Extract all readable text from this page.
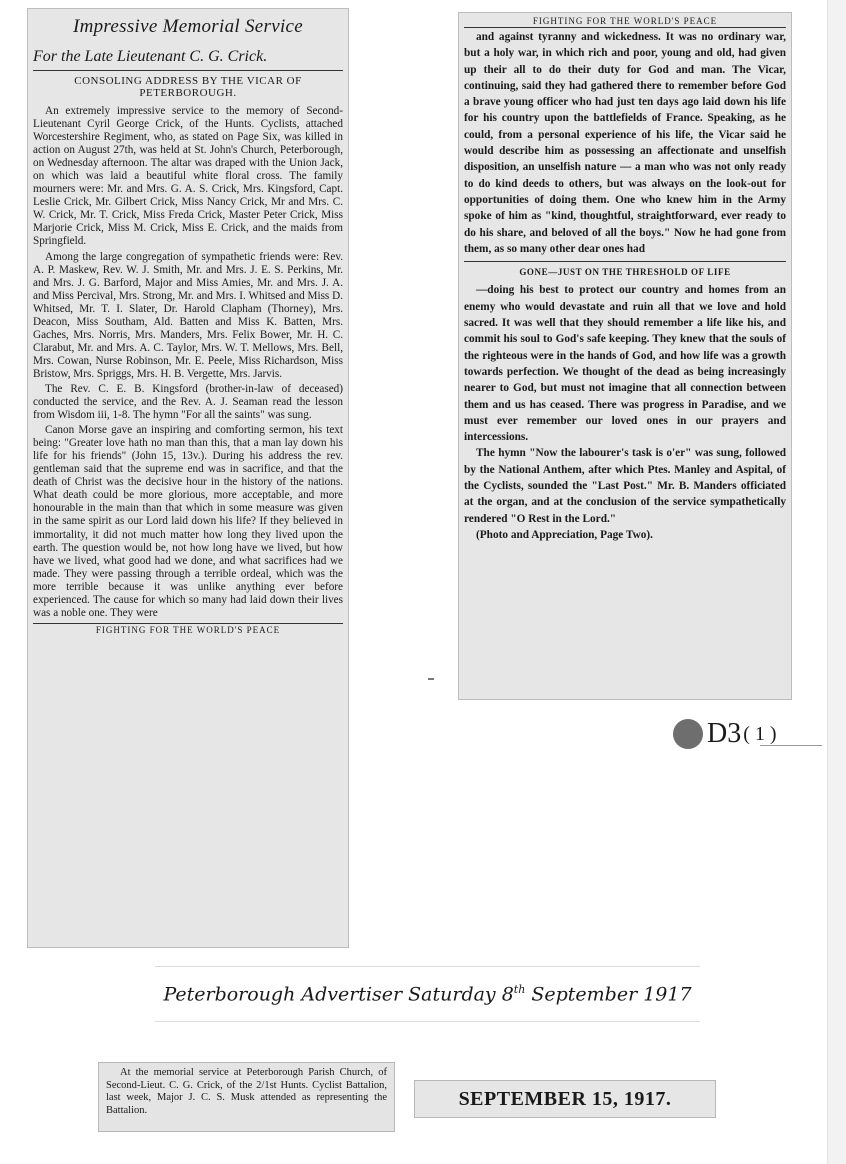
Impressive Memorial Service
For the Late Lieutenant C. G. Crick.
CONSOLING ADDRESS BY THE VICAR OF PETERBOROUGH.

An extremely impressive service to the memory of Second-Lieutenant Cyril George Crick, of the Hunts. Cyclists, attached Worcestershire Regiment, who, as stated on Page Six, was killed in action on August 27th, was held at St. John's Church, Peterborough, on Wednesday afternoon. The altar was draped with the Union Jack, on which was laid a beautiful white floral cross. The family mourners were: Mr. and Mrs. G. A. S. Crick, Mrs. Kingsford, Capt. Leslie Crick, Mr. Gilbert Crick, Miss Nancy Crick, Mr and Mrs. C. W. Crick, Mr. T. Crick, Miss Freda Crick, Master Peter Crick, Miss Marjorie Crick, Miss M. Crick, Miss E. Crick, and the maids from Springfield.

Among the large congregation of sympathetic friends were: Rev. A. P. Maskew, Rev. W. J. Smith, Mr. and Mrs. J. E. S. Perkins, Mr. and Mrs. J. G. Barford, Major and Miss Amies, Mr. and Mrs. J. A. and Miss Percival, Mrs. Strong, Mr. and Mrs. I. Whitsed and Miss D. Whitsed, Mr. T. I. Slater, Dr. Harold Clapham (Thorney), Mrs. Deacon, Miss Southam, Ald. Batten and Miss K. Batten, Mrs. Gaches, Mrs. Norris, Mrs. Manders, Mrs. Felix Bower, Mr. H. C. Clarabut, Mr. and Mrs. A. C. Taylor, Mrs. W. T. Mellows, Mrs. Bell, Mrs. Cowan, Nurse Robinson, Mr. E. Peele, Miss Richardson, Miss Bristow, Mrs. Spriggs, Mrs. H. B. Vergette, Mrs. Jarvis.

The Rev. C. E. B. Kingsford (brother-in-law of deceased) conducted the service, and the Rev. A. J. Seaman read the lesson from Wisdom iii, 1-8. The hymn "For all the saints" was sung.

Canon Morse gave an inspiring and comforting sermon, his text being: "Greater love hath no man than this, that a man lay down his life for his friends" (John 15, 13v.). During his address the rev. gentleman said that the supreme end was in sacrifice, and that the death of Christ was the decisive hour in the history of the nations. What death could be more glorious, more acceptable, and more honourable in the main than that which in some measure was given in the same spirit as our Lord laid down his life? If they believed in immortality, it did not much matter how long they lived upon the earth. The question would be, not how long have we lived, but how have we lived, what good had we done, and what sacrifices had we made. They were passing through a terrible ordeal, which was the more terrible because it was unlike anything ever before experienced. The cause for which so many had laid down their lives was a noble one. They were

FIGHTING FOR THE WORLD'S PEACE
FIGHTING FOR THE WORLD'S PEACE

and against tyranny and wickedness. It was no ordinary war, but a holy war, in which rich and poor, young and old, had given up their all to do their duty for God and man. The Vicar, continuing, said they had gathered there to remember before God a brave young officer who had just ten days ago laid down his life for his country upon the battlefields of France. Speaking, as he could, from a personal experience of his life, the Vicar said he would describe him as possessing an affectionate and unselfish disposition, an unselfish nature — a man who was not only ready to do kind deeds to others, but was always on the look-out for opportunities of doing them. One who knew him in the Army spoke of him as "kind, thoughtful, straightforward, ever ready to do his share, and beloved of all the boys." Now he had gone from them, as so many other dear ones had

GONE—JUST ON THE THRESHOLD OF LIFE

—doing his best to protect our country and homes from an enemy who would devastate and ruin all that we love and hold sacred. It was well that they should remember a life like his, and commit his soul to God's safe keeping. They knew that the souls of the righteous were in the hands of God, and how life was a growth towards perfection. We thought of the dead as being increasingly nearer to God, but must not imagine that all connection between them and us has ceased. There was progress in Paradise, and we must ever remember our loved ones in our prayers and intercessions.

The hymn "Now the labourer's task is o'er" was sung, followed by the National Anthem, after which Ptes. Manley and Aspital, of the Cyclists, sounded the "Last Post." Mr. B. Manders officiated at the organ, and at the conclusion of the service sympathetically rendered "O Rest in the Lord."

(Photo and Appreciation, Page Two).

D3 ( 1 )
Peterborough Advertiser Saturday 8th September 1917
At the memorial service at Peterborough Parish Church, of Second-Lieut. C. G. Crick, of the 2/1st Hunts. Cyclist Battalion, last week, Major J. C. S. Musk attended as representing the Battalion.
SEPTEMBER 15, 1917.
